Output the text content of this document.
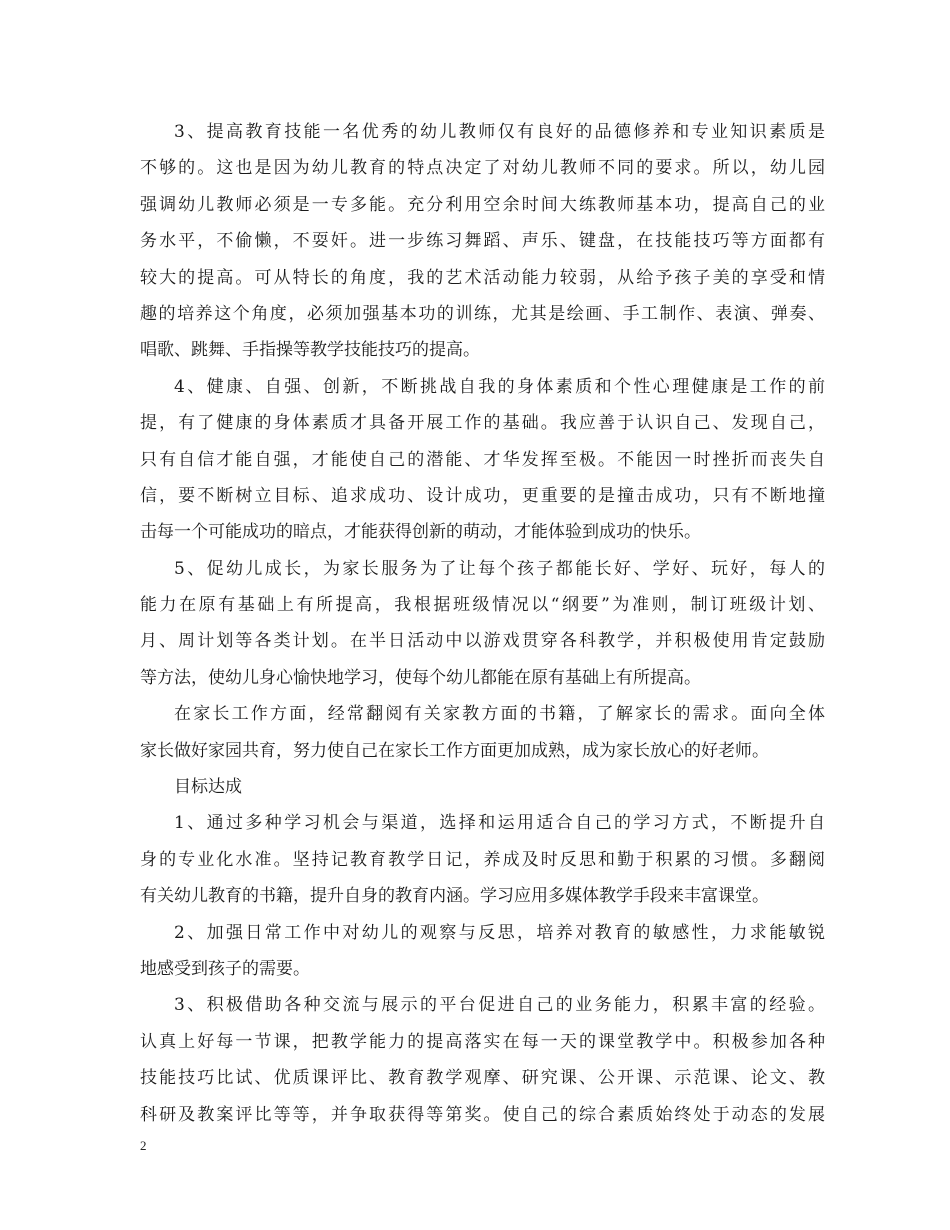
3、提高教育技能一名优秀的幼儿教师仅有良好的品德修养和专业知识素质是
不够的。这也是因为幼儿教育的特点决定了对幼儿教师不同的要求。所以，幼儿园
强调幼儿教师必须是一专多能。充分利用空余时间大练教师基本功，提高自己的业
务水平，不偷懒，不耍奸。进一步练习舞蹈、声乐、键盘，在技能技巧等方面都有
较大的提高。可从特长的角度，我的艺术活动能力较弱，从给予孩子美的享受和情
趣的培养这个角度，必须加强基本功的训练，尤其是绘画、手工制作、表演、弹奏、
唱歌、跳舞、手指操等教学技能技巧的提高。
4、健康、自强、创新，不断挑战自我的身体素质和个性心理健康是工作的前
提，有了健康的身体素质才具备开展工作的基础。我应善于认识自己、发现自己，
只有自信才能自强，才能使自己的潜能、才华发挥至极。不能因一时挫折而丧失自
信，要不断树立目标、追求成功、设计成功，更重要的是撞击成功，只有不断地撞
击每一个可能成功的暗点，才能获得创新的萌动，才能体验到成功的快乐。
5、促幼儿成长，为家长服务为了让每个孩子都能长好、学好、玩好，每人的
能力在原有基础上有所提高，我根据班级情况以“纲要”为准则，制订班级计划、
月、周计划等各类计划。在半日活动中以游戏贯穿各科教学，并积极使用肯定鼓励
等方法，使幼儿身心愉快地学习，使每个幼儿都能在原有基础上有所提高。
在家长工作方面，经常翻阅有关家教方面的书籍，了解家长的需求。面向全体
家长做好家园共育，努力使自己在家长工作方面更加成熟，成为家长放心的好老师。
目标达成
1、通过多种学习机会与渠道，选择和运用适合自己的学习方式，不断提升自
身的专业化水准。坚持记教育教学日记，养成及时反思和勤于积累的习惯。多翻阅
有关幼儿教育的书籍，提升自身的教育内涵。学习应用多媒体教学手段来丰富课堂。
2、加强日常工作中对幼儿的观察与反思，培养对教育的敏感性，力求能敏锐
地感受到孩子的需要。
3、积极借助各种交流与展示的平台促进自己的业务能力，积累丰富的经验。
认真上好每一节课，把教学能力的提高落实在每一天的课堂教学中。积极参加各种
技能技巧比试、优质课评比、教育教学观摩、研究课、公开课、示范课、论文、教
科研及教案评比等等，并争取获得等第奖。使自己的综合素质始终处于动态的发展
2
